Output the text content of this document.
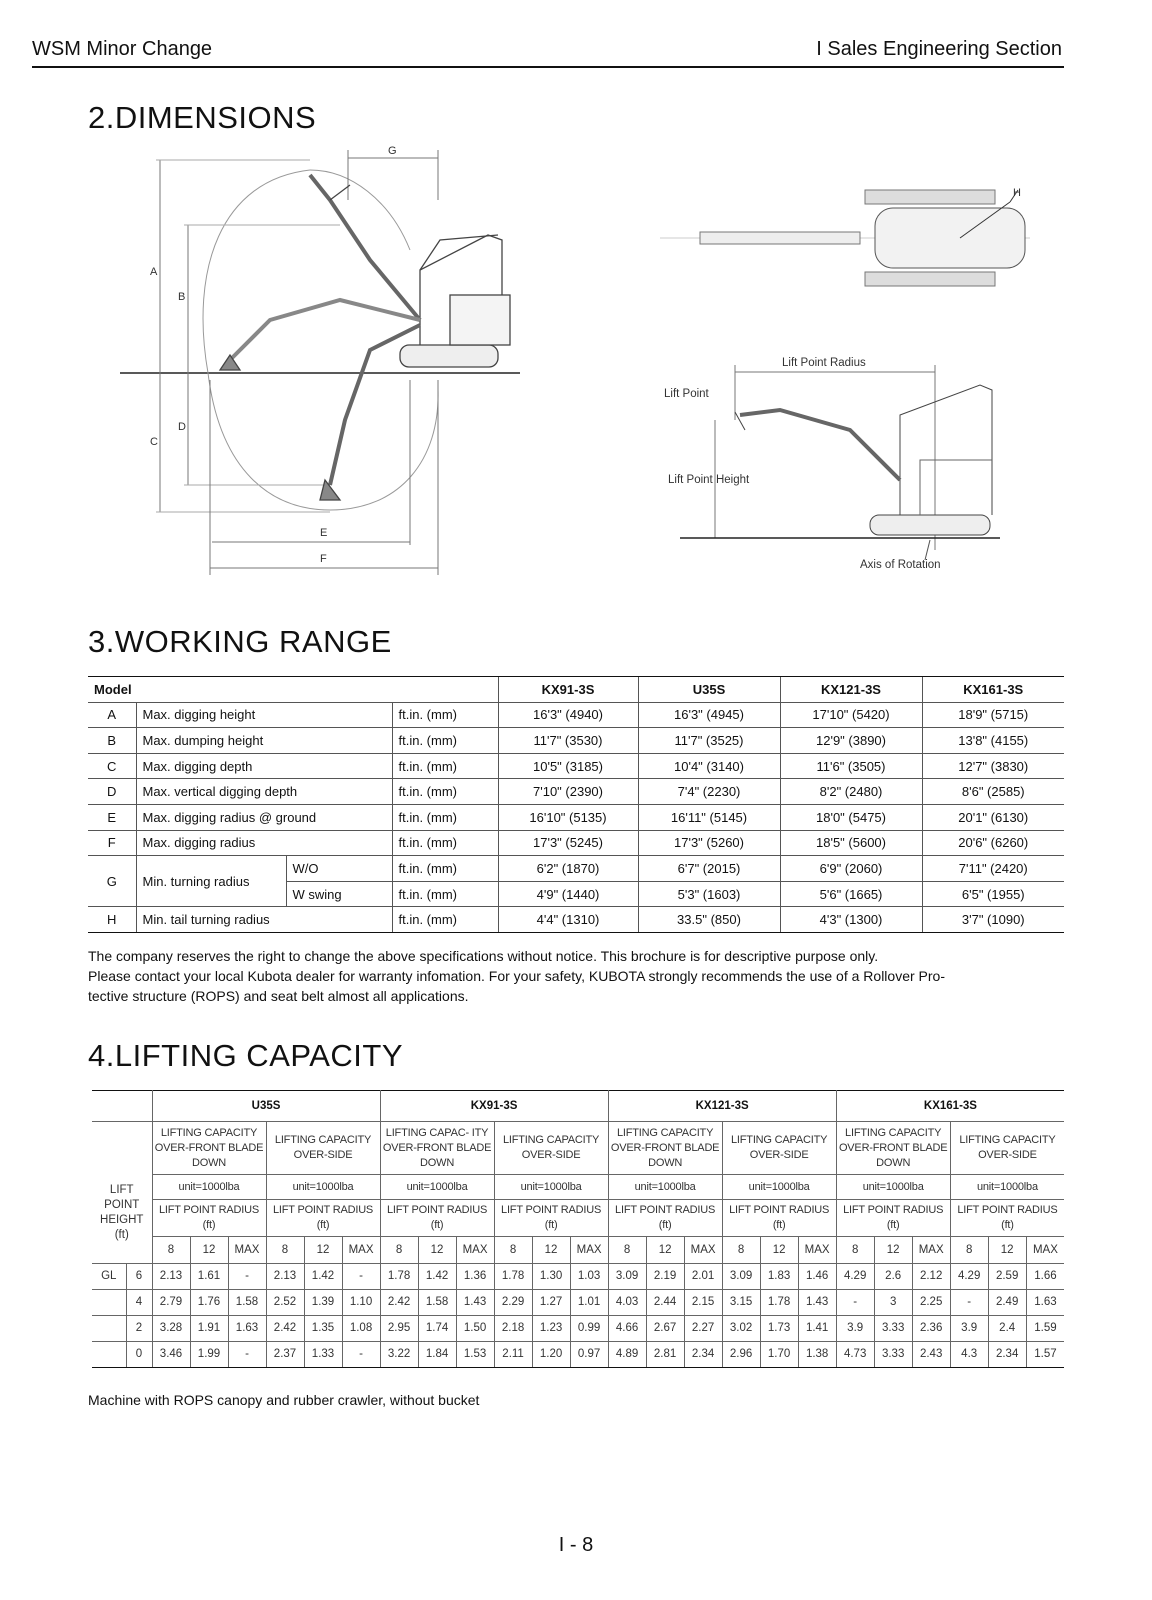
WSM Minor Change	I Sales Engineering Section
2.DIMENSIONS
A
B
C
D
E
F
G
H
Lift Point Radius
Lift Point
Lift Point Height
Axis of Rotation
3.WORKING RANGE
Model				KX91-3S	U35S	KX121-3S	KX161-3S
A	Max. digging height		ft.in. (mm)	16'3" (4940)	16'3" (4945)	17'10" (5420)	18'9" (5715)
B	Max. dumping height		ft.in. (mm)	11'7" (3530)	11'7" (3525)	12'9" (3890)	13'8" (4155)
C	Max. digging depth		ft.in. (mm)	10'5" (3185)	10'4" (3140)	11'6" (3505)	12'7" (3830)
D	Max. vertical digging depth		ft.in. (mm)	7'10" (2390)	7'4" (2230)	8'2" (2480)	8'6" (2585)
E	Max. digging radius @ ground		ft.in. (mm)	16'10" (5135)	16'11" (5145)	18'0" (5475)	20'1" (6130)
F	Max. digging radius		ft.in. (mm)	17'3" (5245)	17'3" (5260)	18'5" (5600)	20'6" (6260)
G	Min. turning radius	W/O	ft.in. (mm)	6'2" (1870)	6'7" (2015)	6'9" (2060)	7'11" (2420)
		W swing	ft.in. (mm)	4'9" (1440)	5'3" (1603)	5'6" (1665)	6'5" (1955)
H	Min. tail turning radius		ft.in. (mm)	4'4" (1310)	33.5" (850)	4'3" (1300)	3'7" (1090)
The company reserves the right to change the above specifications without notice. This brochure is for descriptive purpose only.
Please contact your local Kubota dealer for warranty infomation. For your safety, KUBOTA strongly recommends the use of a Rollover Pro-
tective structure (ROPS) and seat belt almost all applications.
4.LIFTING CAPACITY
		U35S						KX91-3S						KX121-3S						KX161-3S					
LIFT POINT HEIGHT (ft)		LIFTING CAPACITY OVER-FRONT BLADE DOWN			LIFTING CAPACITY OVER-SIDE			LIFTING CAPAC- ITY OVER-FRONT BLADE DOWN			LIFTING CAPACITY OVER-SIDE			LIFTING CAPACITY OVER-FRONT BLADE DOWN			LIFTING CAPACITY OVER-SIDE			LIFTING CAPACITY OVER-FRONT BLADE DOWN			LIFTING CAPACITY OVER-SIDE		
		unit=1000lba			unit=1000lba			unit=1000lba			unit=1000lba			unit=1000lba			unit=1000lba			unit=1000lba			unit=1000lba		
		LIFT POINT RADIUS (ft)			LIFT POINT RADIUS (ft)			LIFT POINT RADIUS (ft)			LIFT POINT RADIUS (ft)			LIFT POINT RADIUS (ft)			LIFT POINT RADIUS (ft)			LIFT POINT RADIUS (ft)			LIFT POINT RADIUS (ft)		
		8	12	MAX	8	12	MAX	8	12	MAX	8	12	MAX	8	12	MAX	8	12	MAX	8	12	MAX	8	12	MAX
GL	6	2.13	1.61	-	2.13	1.42	-	1.78	1.42	1.36	1.78	1.30	1.03	3.09	2.19	2.01	3.09	1.83	1.46	4.29	2.6	2.12	4.29	2.59	1.66
	4	2.79	1.76	1.58	2.52	1.39	1.10	2.42	1.58	1.43	2.29	1.27	1.01	4.03	2.44	2.15	3.15	1.78	1.43	-	3	2.25	-	2.49	1.63
	2	3.28	1.91	1.63	2.42	1.35	1.08	2.95	1.74	1.50	2.18	1.23	0.99	4.66	2.67	2.27	3.02	1.73	1.41	3.9	3.33	2.36	3.9	2.4	1.59
	0	3.46	1.99	-	2.37	1.33	-	3.22	1.84	1.53	2.11	1.20	0.97	4.89	2.81	2.34	2.96	1.70	1.38	4.73	3.33	2.43	4.3	2.34	1.57
Machine with ROPS canopy and rubber crawler, without bucket
I - 8
